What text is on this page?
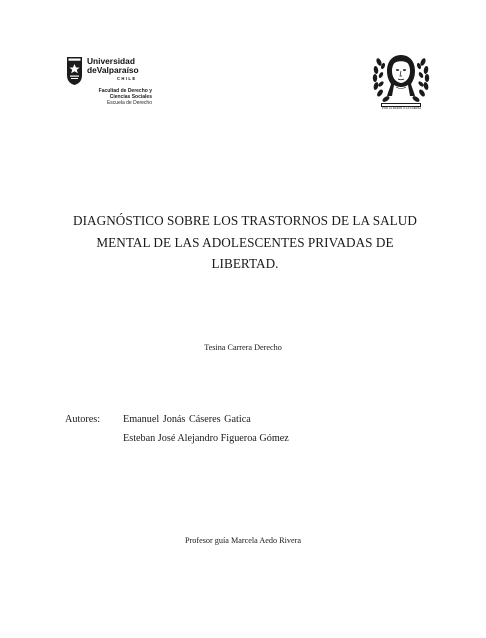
Universidad
deValparaíso
CHILE
Facultad de Derecho y
Ciencias Sociales
Escuela de Derecho
POR LA RAZÓN O LA FUERZA
DIAGNÓSTICO SOBRE LOS TRASTORNOS DE LA SALUD
MENTAL DE LAS ADOLESCENTES PRIVADAS DE
LIBERTAD.
Tesina Carrera Derecho
Autores: Emanuel Jonás Cáseres Gatica
Esteban José Alejandro Figueroa Gómez
Profesor guía Marcela Aedo Rivera
